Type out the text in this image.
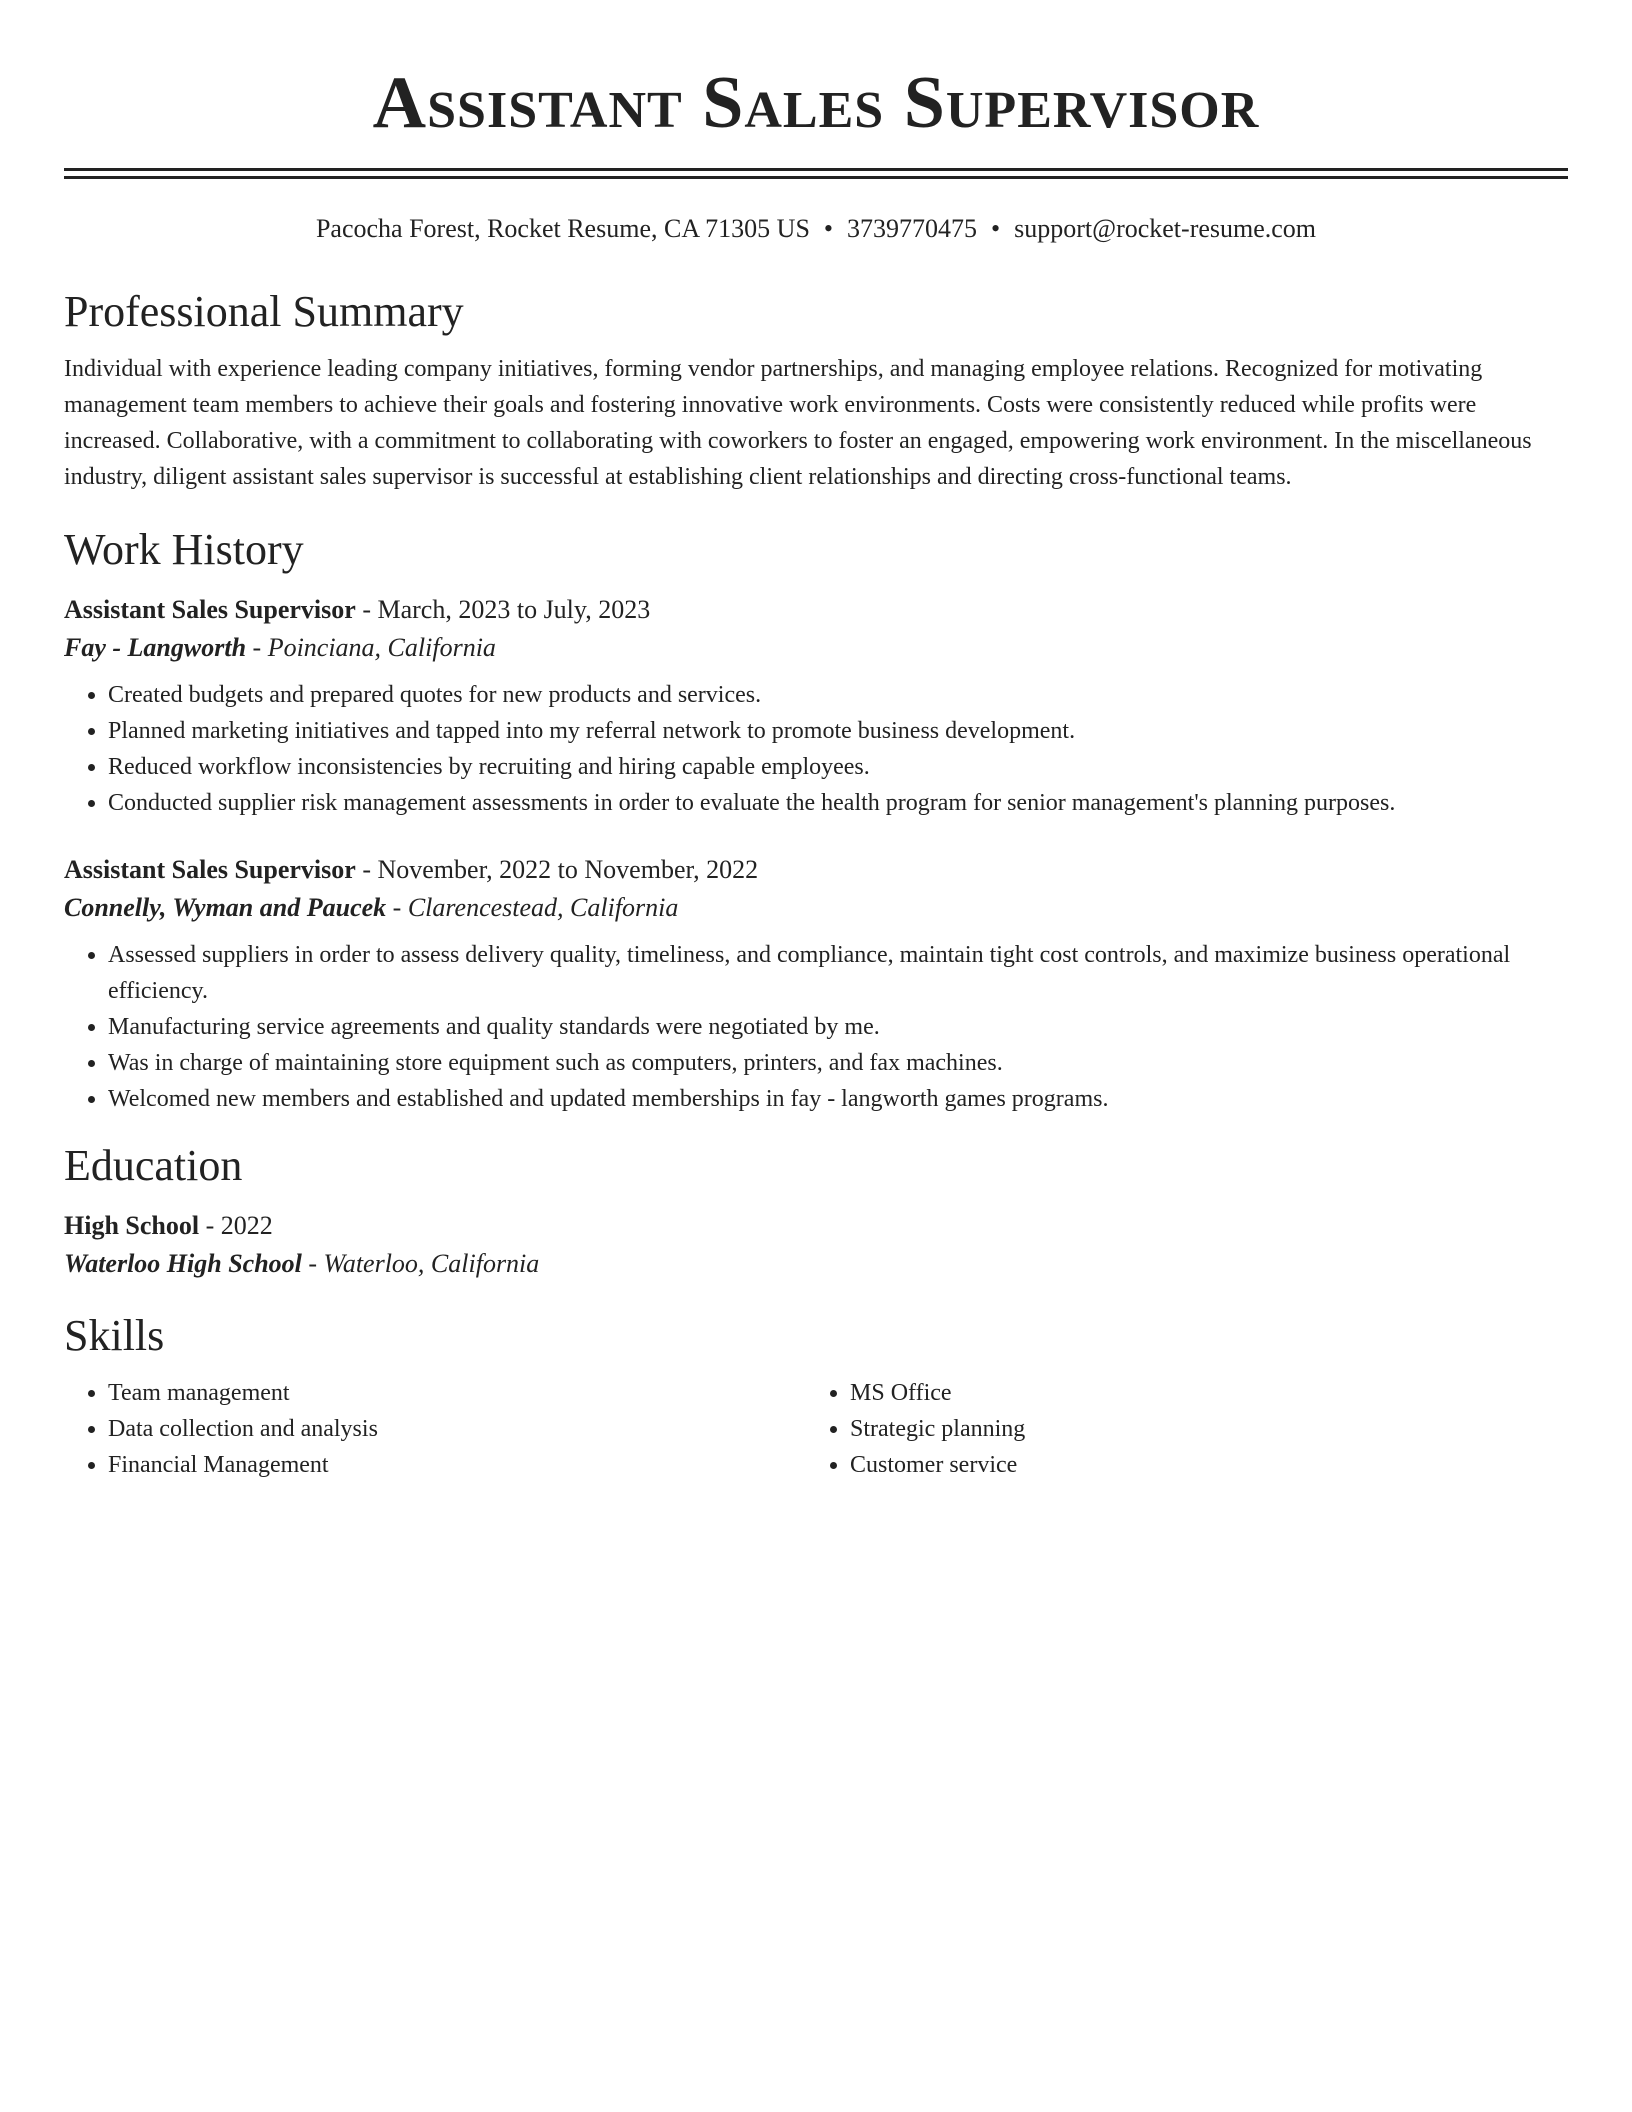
Assistant Sales Supervisor
Pacocha Forest, Rocket Resume, CA 71305 US • 3739770475 • support@rocket-resume.com
Professional Summary
Individual with experience leading company initiatives, forming vendor partnerships, and managing employee relations. Recognized for motivating management team members to achieve their goals and fostering innovative work environments. Costs were consistently reduced while profits were increased. Collaborative, with a commitment to collaborating with coworkers to foster an engaged, empowering work environment. In the miscellaneous industry, diligent assistant sales supervisor is successful at establishing client relationships and directing cross-functional teams.
Work History
Assistant Sales Supervisor - March, 2023 to July, 2023
Fay - Langworth - Poinciana, California
• Created budgets and prepared quotes for new products and services.
• Planned marketing initiatives and tapped into my referral network to promote business development.
• Reduced workflow inconsistencies by recruiting and hiring capable employees.
• Conducted supplier risk management assessments in order to evaluate the health program for senior management's planning purposes.
Assistant Sales Supervisor - November, 2022 to November, 2022
Connelly, Wyman and Paucek - Clarencestead, California
• Assessed suppliers in order to assess delivery quality, timeliness, and compliance, maintain tight cost controls, and maximize business operational efficiency.
• Manufacturing service agreements and quality standards were negotiated by me.
• Was in charge of maintaining store equipment such as computers, printers, and fax machines.
• Welcomed new members and established and updated memberships in fay - langworth games programs.
Education
High School - 2022
Waterloo High School - Waterloo, California
Skills
• Team management
• Data collection and analysis
• Financial Management
• MS Office
• Strategic planning
• Customer service
